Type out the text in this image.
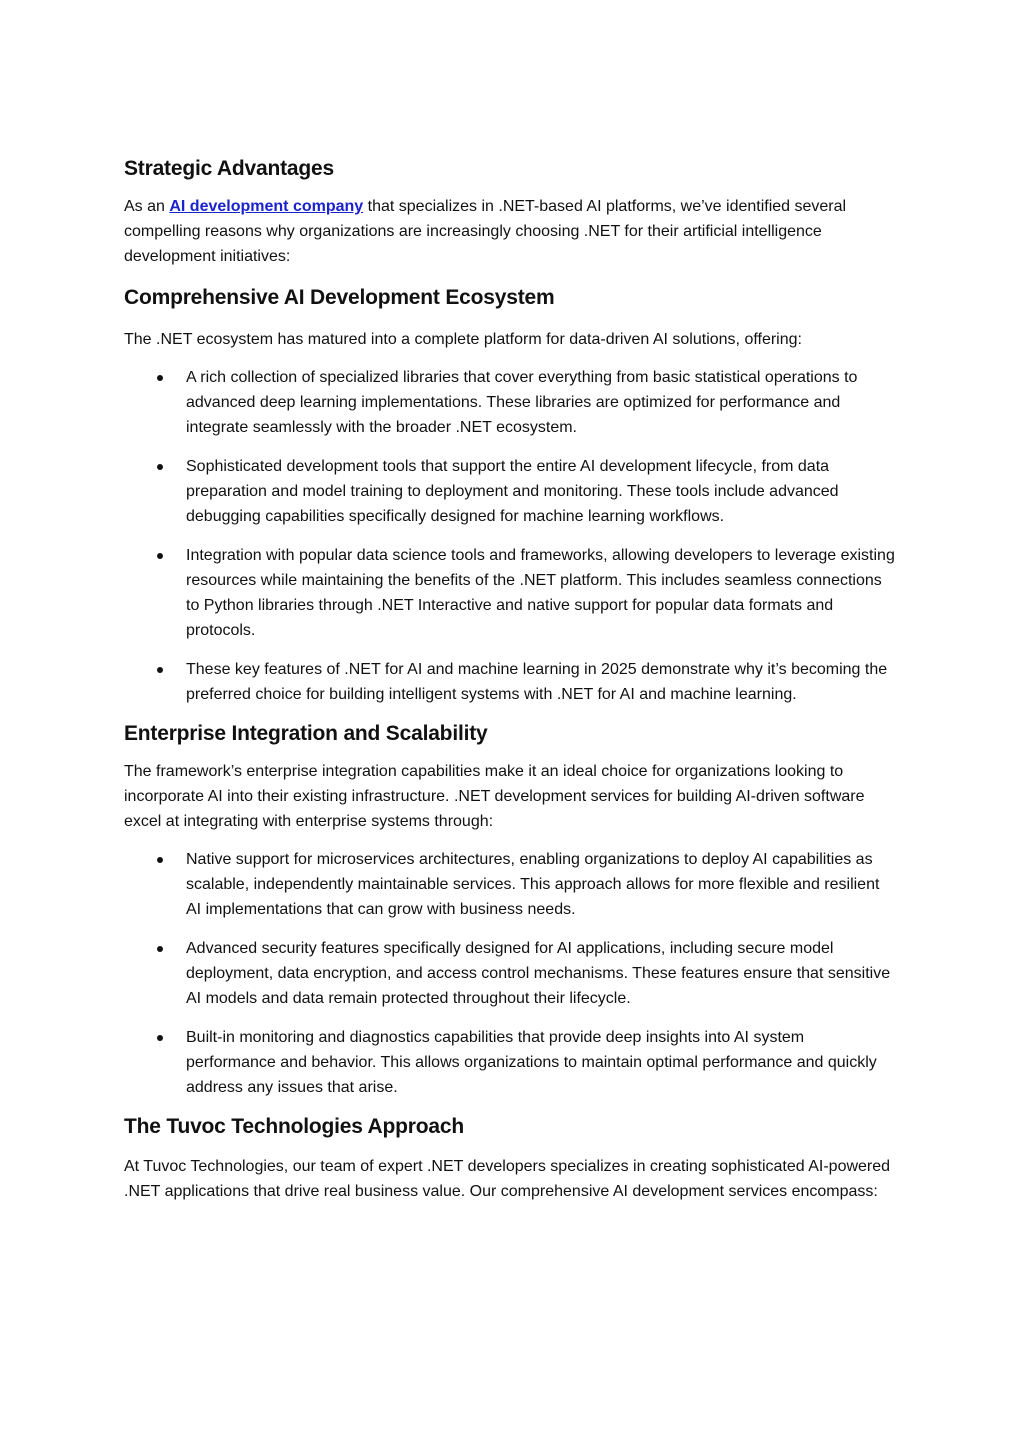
Strategic Advantages

As an AI development company that specializes in .NET-based AI platforms, we’ve identified several compelling reasons why organizations are increasingly choosing .NET for their artificial intelligence development initiatives:

Comprehensive AI Development Ecosystem

The .NET ecosystem has matured into a complete platform for data-driven AI solutions, offering:

A rich collection of specialized libraries that cover everything from basic statistical operations to advanced deep learning implementations. These libraries are optimized for performance and integrate seamlessly with the broader .NET ecosystem.
Sophisticated development tools that support the entire AI development lifecycle, from data preparation and model training to deployment and monitoring. These tools include advanced debugging capabilities specifically designed for machine learning workflows.
Integration with popular data science tools and frameworks, allowing developers to leverage existing resources while maintaining the benefits of the .NET platform. This includes seamless connections to Python libraries through .NET Interactive and native support for popular data formats and protocols.
These key features of .NET for AI and machine learning in 2025 demonstrate why it’s becoming the preferred choice for building intelligent systems with .NET for AI and machine learning.
Enterprise Integration and Scalability

The framework’s enterprise integration capabilities make it an ideal choice for organizations looking to incorporate AI into their existing infrastructure. .NET development services for building AI-driven software excel at integrating with enterprise systems through:

Native support for microservices architectures, enabling organizations to deploy AI capabilities as scalable, independently maintainable services. This approach allows for more flexible and resilient AI implementations that can grow with business needs.
Advanced security features specifically designed for AI applications, including secure model deployment, data encryption, and access control mechanisms. These features ensure that sensitive AI models and data remain protected throughout their lifecycle.
Built-in monitoring and diagnostics capabilities that provide deep insights into AI system performance and behavior. This allows organizations to maintain optimal performance and quickly address any issues that arise.
The Tuvoc Technologies Approach

At Tuvoc Technologies, our team of expert .NET developers specializes in creating sophisticated AI-powered .NET applications that drive real business value. Our comprehensive AI development services encompass:
